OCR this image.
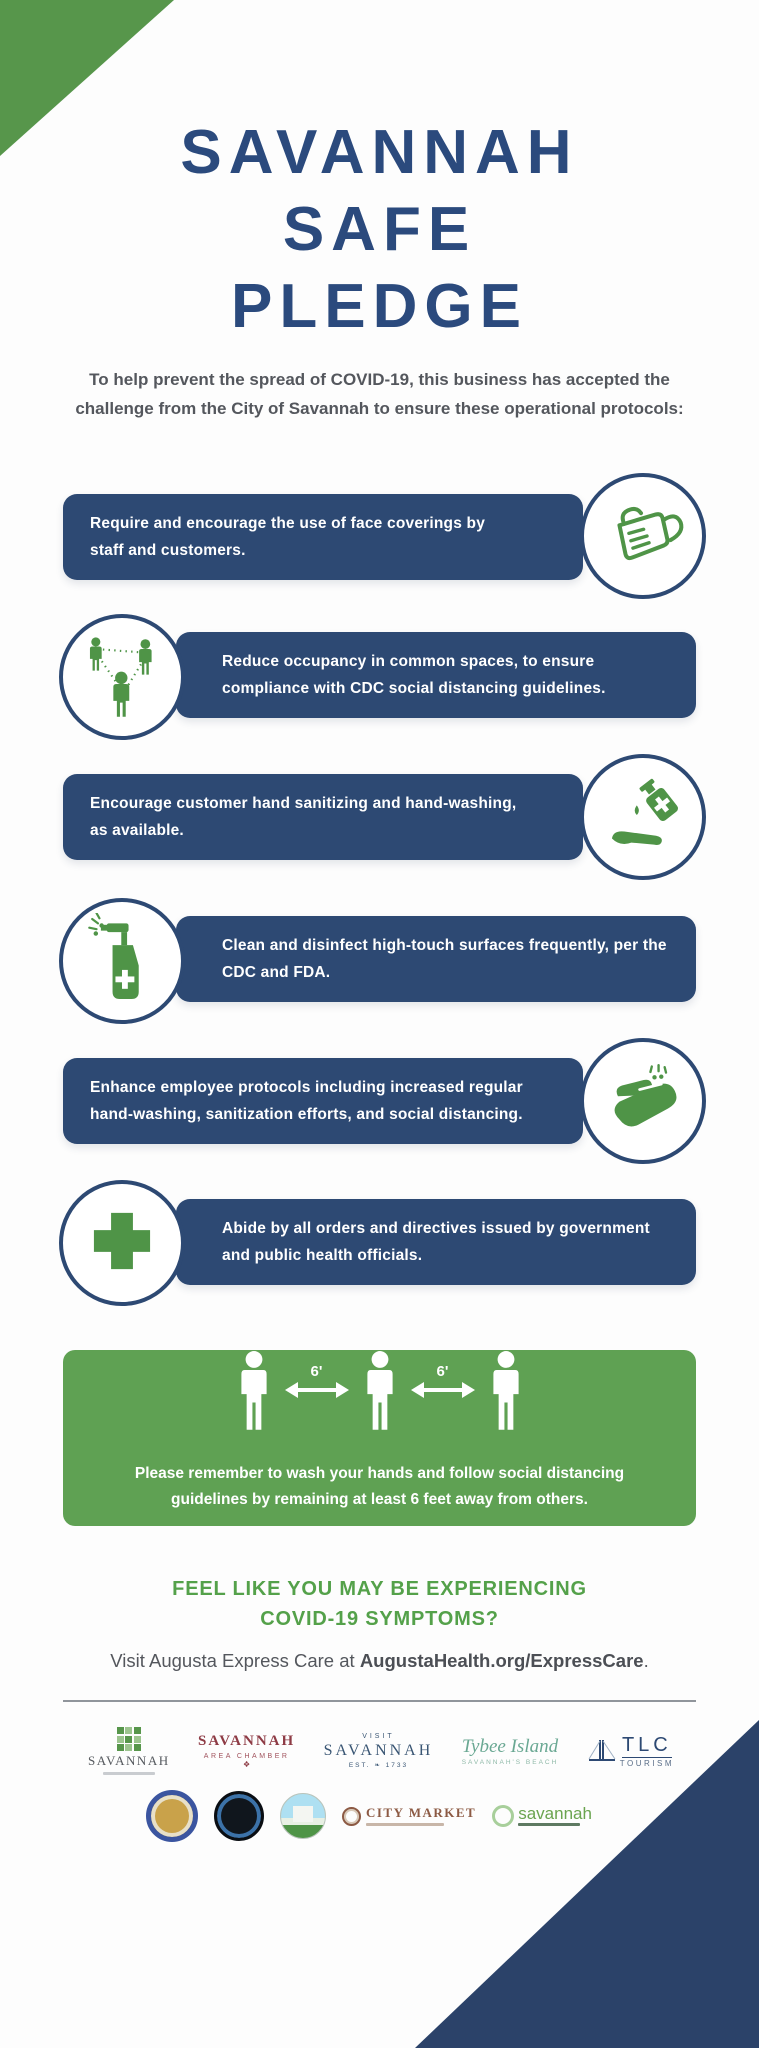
SAVANNAH
SAFE
PLEDGE

To help prevent the spread of COVID-19, this business has accepted the challenge from the City of Savannah to ensure these operational protocols:

Require and encourage the use of face coverings by staff and customers.
Reduce occupancy in common spaces, to ensure compliance with CDC social distancing guidelines.
Encourage customer hand sanitizing and hand-washing, as available.
Clean and disinfect high-touch surfaces frequently, per the CDC and FDA.
Enhance employee protocols including increased regular hand-washing, sanitization efforts, and social distancing.
Abide by all orders and directives issued by government and public health officials.
6'	6'

Please remember to wash your hands and follow social distancing guidelines by remaining at least 6 feet away from others.

FEEL LIKE YOU MAY BE EXPERIENCING
COVID-19 SYMPTOMS?

Visit Augusta Express Care at AugustaHealth.org/ExpressCare.

SAVANNAH
SAVANNAH
AREA CHAMBER
❖
VISIT
SAVANNAH
EST. ❧ 1733
Tybee Island
SAVANNAH'S BEACH
TLC
TOURISM
CITY MARKET savannah
